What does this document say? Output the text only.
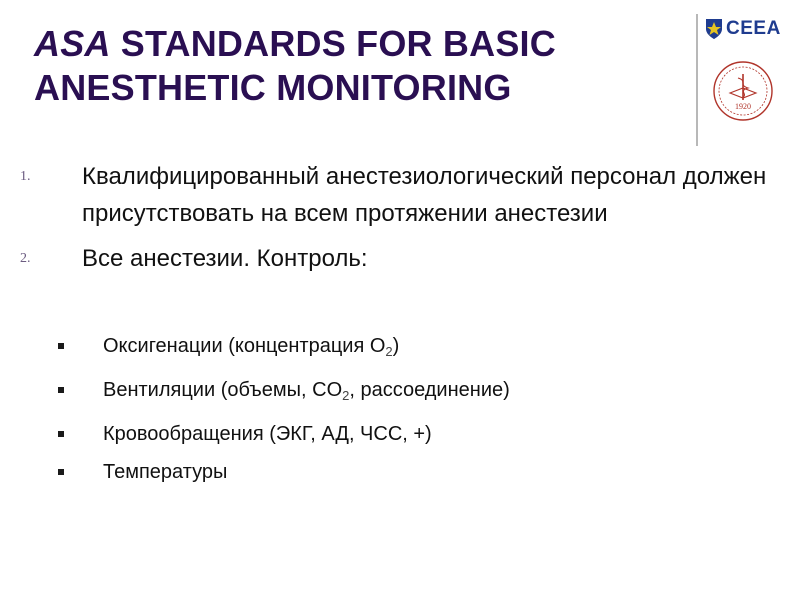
ASA STANDARDS FOR BASIC ANESTHETIC MONITORING
CEEA
1920
1. Квалифицированный анестезиологический персонал должен присутствовать на всем протяжении анестезии
2. Все анестезии. Контроль:
Оксигенации (концентрация $O_2$)
Вентиляции (объемы, $CO_2$, рассоединение)
Кровообращения (ЭКГ, АД, ЧСС, +)
Температуры
